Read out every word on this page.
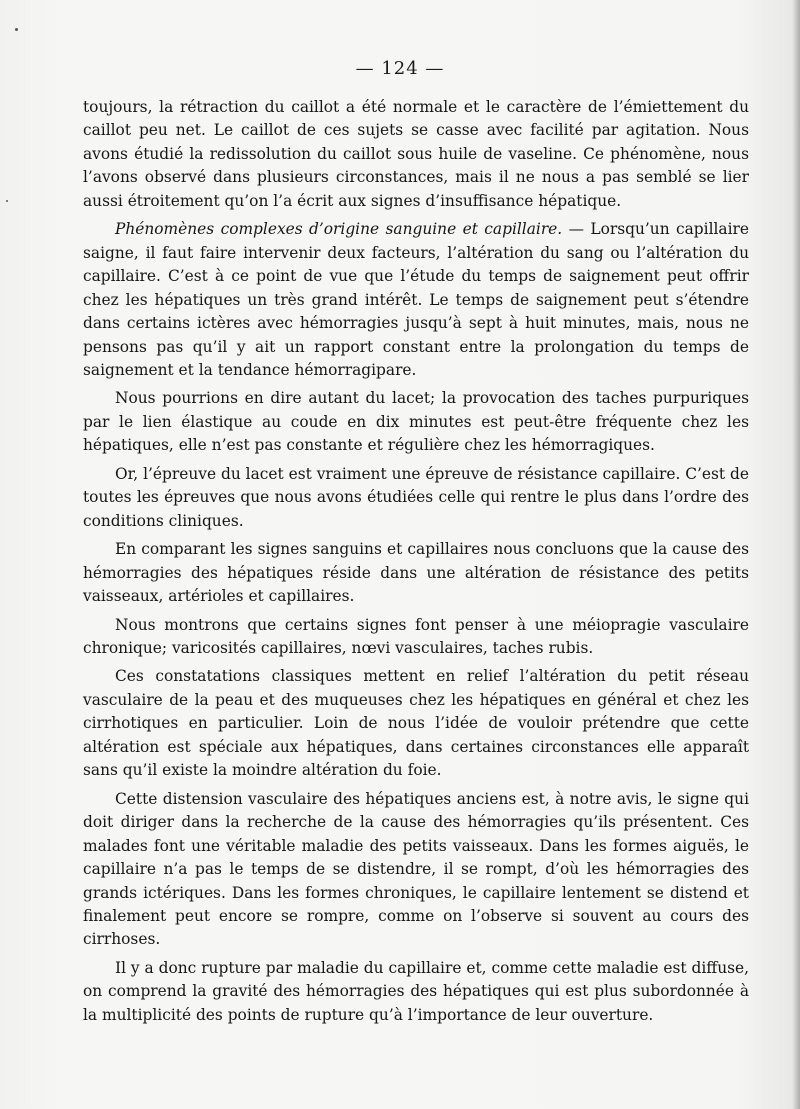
— 124 —

toujours, la rétraction du caillot a été normale et le caractère de l’émiettement du caillot peu net. Le caillot de ces sujets se casse avec facilité par agitation. Nous avons étudié la redissolution du caillot sous huile de vaseline. Ce phénomène, nous l’avons observé dans plusieurs circonstances, mais il ne nous a pas semblé se lier aussi étroitement qu’on l’a écrit aux signes d’insuffisance hépatique.

Phénomènes complexes d’origine sanguine et capillaire. — Lorsqu’un capillaire saigne, il faut faire intervenir deux facteurs, l’altération du sang ou l’altération du capillaire. C’est à ce point de vue que l’étude du temps de saignement peut offrir chez les hépatiques un très grand intérêt. Le temps de saignement peut s’étendre dans certains ictères avec hémorragies jusqu’à sept à huit minutes, mais, nous ne pensons pas qu’il y ait un rapport constant entre la prolongation du temps de saignement et la tendance hémorragipare.

Nous pourrions en dire autant du lacet; la provocation des taches purpuriques par le lien élastique au coude en dix minutes est peut-être fréquente chez les hépatiques, elle n’est pas constante et régulière chez les hémorragiques.

Or, l’épreuve du lacet est vraiment une épreuve de résistance capillaire. C’est de toutes les épreuves que nous avons étudiées celle qui rentre le plus dans l’ordre des conditions cliniques.

En comparant les signes sanguins et capillaires nous concluons que la cause des hémorragies des hépatiques réside dans une altération de résistance des petits vaisseaux, artérioles et capillaires.

Nous montrons que certains signes font penser à une méiopragie vasculaire chronique; varicosités capillaires, nœvi vasculaires, taches rubis.

Ces constatations classiques mettent en relief l’altération du petit réseau vasculaire de la peau et des muqueuses chez les hépatiques en général et chez les cirrhotiques en particulier. Loin de nous l’idée de vouloir prétendre que cette altération est spéciale aux hépatiques, dans certaines circonstances elle apparaît sans qu’il existe la moindre altération du foie.

Cette distension vasculaire des hépatiques anciens est, à notre avis, le signe qui doit diriger dans la recherche de la cause des hémorragies qu’ils présentent. Ces malades font une véritable maladie des petits vaisseaux. Dans les formes aiguës, le capillaire n’a pas le temps de se distendre, il se rompt, d’où les hémorragies des grands ictériques. Dans les formes chroniques, le capillaire lentement se distend et finalement peut encore se rompre, comme on l’observe si souvent au cours des cirrhoses.

Il y a donc rupture par maladie du capillaire et, comme cette maladie est diffuse, on comprend la gravité des hémorragies des hépatiques qui est plus subordonnée à la multiplicité des points de rupture qu’à l’importance de leur ouverture.
